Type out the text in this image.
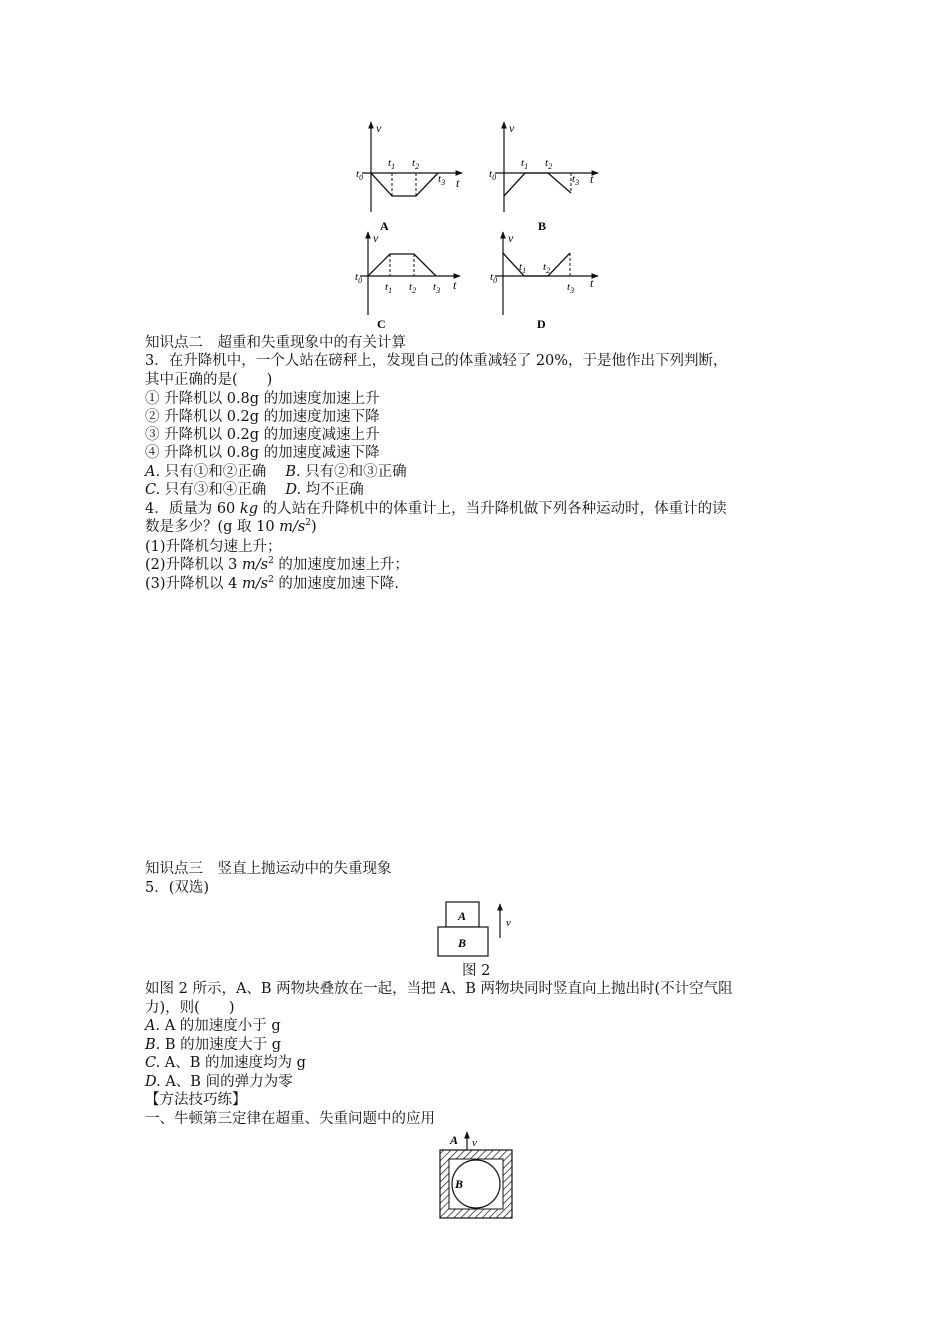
v
t
$t_0$
$t_1$ $t_2$
$t_3$
A
v
t
$t_0$
$t_1$ $t_2$
$t_3$
B
v
t
$t_0$
$t_1$ $t_2$ $t_3$
C
v
t
$t_0$
$t_1$ $t_2$
$t_3$
D
知识点二　超重和失重现象中的有关计算
3．在升降机中，一个人站在磅秤上，发现自己的体重减轻了 20%，于是他作出下列判断，
其中正确的是(　　)
① 升降机以 0.8g 的加速度加速上升
② 升降机以 0.2g 的加速度加速下降
③ 升降机以 0.2g 的加速度减速上升
④ 升降机以 0.8g 的加速度减速下降
A. 只有①和②正确　 B. 只有②和③正确
C. 只有③和④正确　 D. 均不正确
4．质量为 60 kg 的人站在升降机中的体重计上，当升降机做下列各种运动时，体重计的读
数是多少？(g 取 10 $m/s^2$)
(1)升降机匀速上升；
(2)升降机以 3 $m/s^2$ 的加速度加速上升；
(3)升降机以 4 $m/s^2$ 的加速度加速下降.
知识点三　竖直上抛运动中的失重现象
5．(双选)
A
B
v
图 2
如图 2 所示，A、B 两物块叠放在一起，当把 A、B 两物块同时竖直向上抛出时(不计空气阻
力)，则(　　)
A. A 的加速度小于 g
B. B 的加速度大于 g
C. A、B 的加速度均为 g
D. A、B 间的弹力为零
【方法技巧练】
一、牛顿第三定律在超重、失重问题中的应用
A v
B
